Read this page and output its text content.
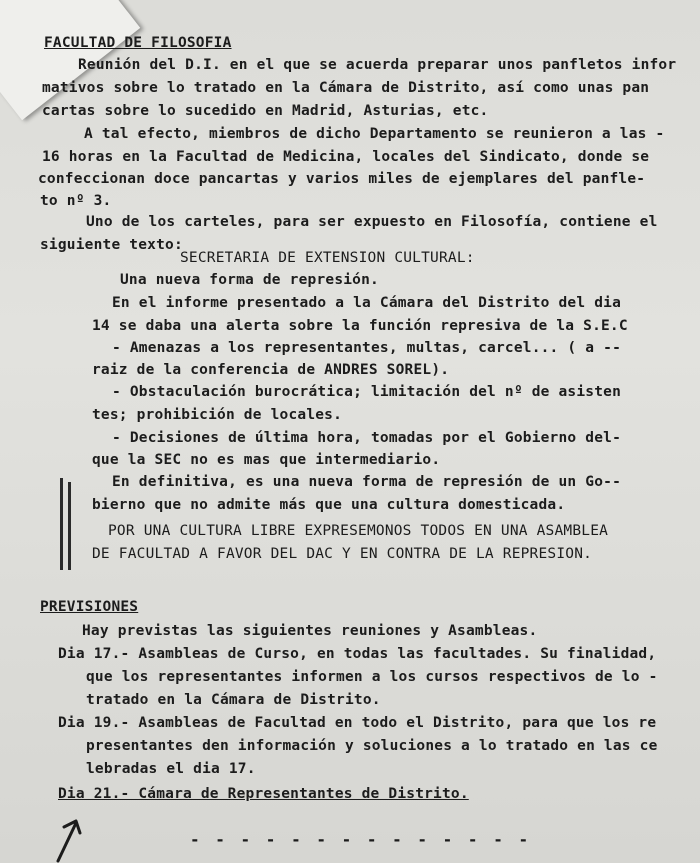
FACULTAD DE FILOSOFIA
Reunión del D.I. en el que se acuerda preparar unos panfletos infor
mativos sobre lo tratado en la Cámara de Distrito, así como unas pan
cartas sobre lo sucedido en Madrid, Asturias, etc.
A tal efecto, miembros de dicho Departamento se reunieron a las -
16 horas en la Facultad de Medicina, locales del Sindicato, donde se
confeccionan doce pancartas y varios miles de ejemplares del panfle-
to nº 3.
Uno de los carteles, para ser expuesto en Filosofía, contiene el
siguiente texto:
SECRETARIA DE EXTENSION CULTURAL:
Una nueva forma de represión.
En el informe presentado a la Cámara del Distrito del dia
14 se daba una alerta sobre la función represiva de la S.E.C
- Amenazas a los representantes, multas, carcel... ( a --
raiz de la conferencia de ANDRES SOREL).
- Obstaculación burocrática; limitación del nº de asisten
tes; prohibición de locales.
- Decisiones de última hora, tomadas por el Gobierno del-
que la SEC no es mas que intermediario.
En definitiva, es una nueva forma de represión de un Go--
bierno que no admite más que una cultura domesticada.
POR UNA CULTURA LIBRE EXPRESEMONOS TODOS EN UNA ASAMBLEA
DE FACULTAD A FAVOR DEL DAC Y EN CONTRA DE LA REPRESION.
PREVISIONES
Hay previstas las siguientes reuniones y Asambleas.
Dia 17.- Asambleas de Curso, en todas las facultades. Su finalidad,
que los representantes informen a los cursos respectivos de lo -
tratado en la Cámara de Distrito.
Dia 19.- Asambleas de Facultad en todo el Distrito, para que los re
presentantes den información y soluciones a lo tratado en las ce
lebradas el dia 17.
Dia 21.- Cámara de Representantes de Distrito.
- - - - - - - - - - - - - -
